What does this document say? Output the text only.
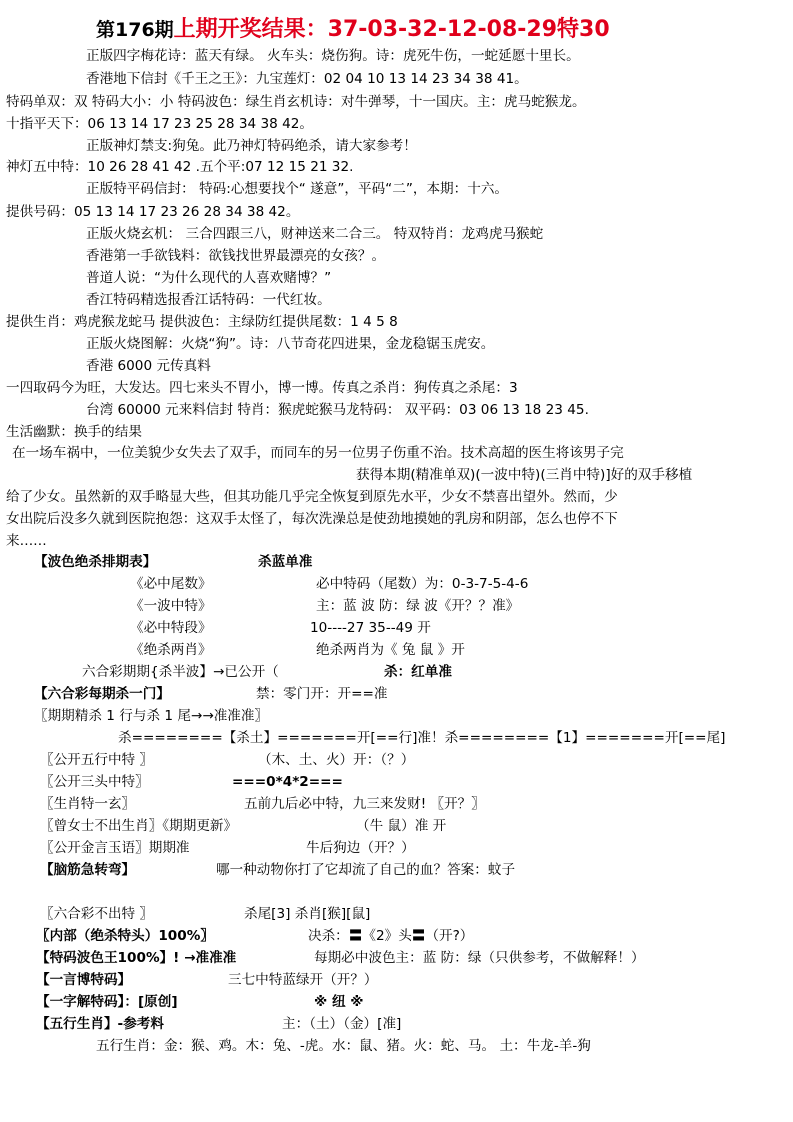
第176期上期开奖结果：37-03-32-12-08-29特30
正版四字梅花诗：蓝天有绿。 火车头：烧伤狗。诗：虎死牛伤，一蛇延愿十里长。
香港地下信封《千王之王》：九宝莲灯：02 04 10 13 14 23 34 38 41。
特码单双：双 特码大小：小 特码波色：绿生肖玄机诗：对牛弹琴，十一国庆。主：虎马蛇猴龙。
十指平天下：06 13 14 17 23 25 28 34 38 42。
正版神灯禁支:狗兔。此乃神灯特码绝杀，请大家参考！
神灯五中特：10 26 28 41 42 .五个平:07 12 15 21 32.
正版特平码信封： 特码:心想要找个“ 遂意”，平码“二”，本期：十六。
提供号码：05 13 14 17 23 26 28 34 38 42。
正版火烧玄机： 三合四跟三八，财神送来二合三。 特双特肖：龙鸡虎马猴蛇
香港第一手欲钱料：欲钱找世界最漂亮的女孩？。
普道人说：“为什么现代的人喜欢赌博？”
香江特码精选报香江话特码：一代红妆。
提供生肖：鸡虎猴龙蛇马 提供波色：主绿防红提供尾数：1 4 5 8
正版火烧图解：火烧“狗”。诗：八节奇花四进果，金龙稳锯玉虎安。
香港 6000 元传真料
一四取码今为旺，大发达。四七来头不胃小，博一博。传真之杀肖：狗传真之杀尾：3
台湾 60000 元来料信封 特肖：猴虎蛇猴马龙特码： 双平码：03 06 13 18 23 45.
生活幽默：换手的结果
在一场车祸中，一位美貌少女失去了双手，而同车的另一位男子伤重不治。技术高超的医生将该男子完
获得本期(精准单双)(一波中特)(三肖中特)]好的双手移植
给了少女。虽然新的双手略显大些，但其功能几乎完全恢复到原先水平，少女不禁喜出望外。然而，少
女出院后没多久就到医院抱怨：这双手太怪了，每次洗澡总是使劲地摸她的乳房和阴部，怎么也停不下
来……
【波色绝杀排期表】	杀蓝单准
《必中尾数》	必中特码（尾数）为：0-3-7-5-4-6
《一波中特》	主：蓝 波 防：绿 波《开？？准》
《必中特段》	10----27 35--49 开
《绝杀两肖》	绝杀两肖为《 兔 鼠 》开
六合彩期期{杀半波】→已公开（	杀：红单准
【六合彩每期杀一门】	禁：零门开：开==准
〖期期精杀 1 行与杀 1 尾→→准准准〗
杀========【杀土】=======开[==行]准！杀========【1】=======开[==尾]
〖公开五行中特 〗	（木、土、火）开：（？）
〖公开三头中特〗	===0*4*2===
〖生肖特一玄〗	五前九后必中特，九三来发财! 〖开？〗
〖曾女士不出生肖〗《期期更新》	（牛 鼠）准 开
〖公开金言玉语〗期期准	牛后狗边（开？）
【脑筋急转弯】	哪一种动物你打了它却流了自己的血？答案：蚊子
〖六合彩不出特 〗	杀尾[3] 杀肖[猴][鼠]
〖内部（绝杀特头）100%〗	决杀：〓《2》头〓（开?）
【特码波色王100%】! →准准准	每期必中波色主：蓝 防：绿（只供参考，不做解释！）
【一言博特码】	三七中特蓝绿开（开？）
【一字解特码】：[原创]	※ 纽 ※
【五行生肖】-参考料	主：（土）（金）[准]
五行生肖：金：猴、鸡。木：兔、-虎。水：鼠、猪。火：蛇、马。 土：牛龙-羊-狗
